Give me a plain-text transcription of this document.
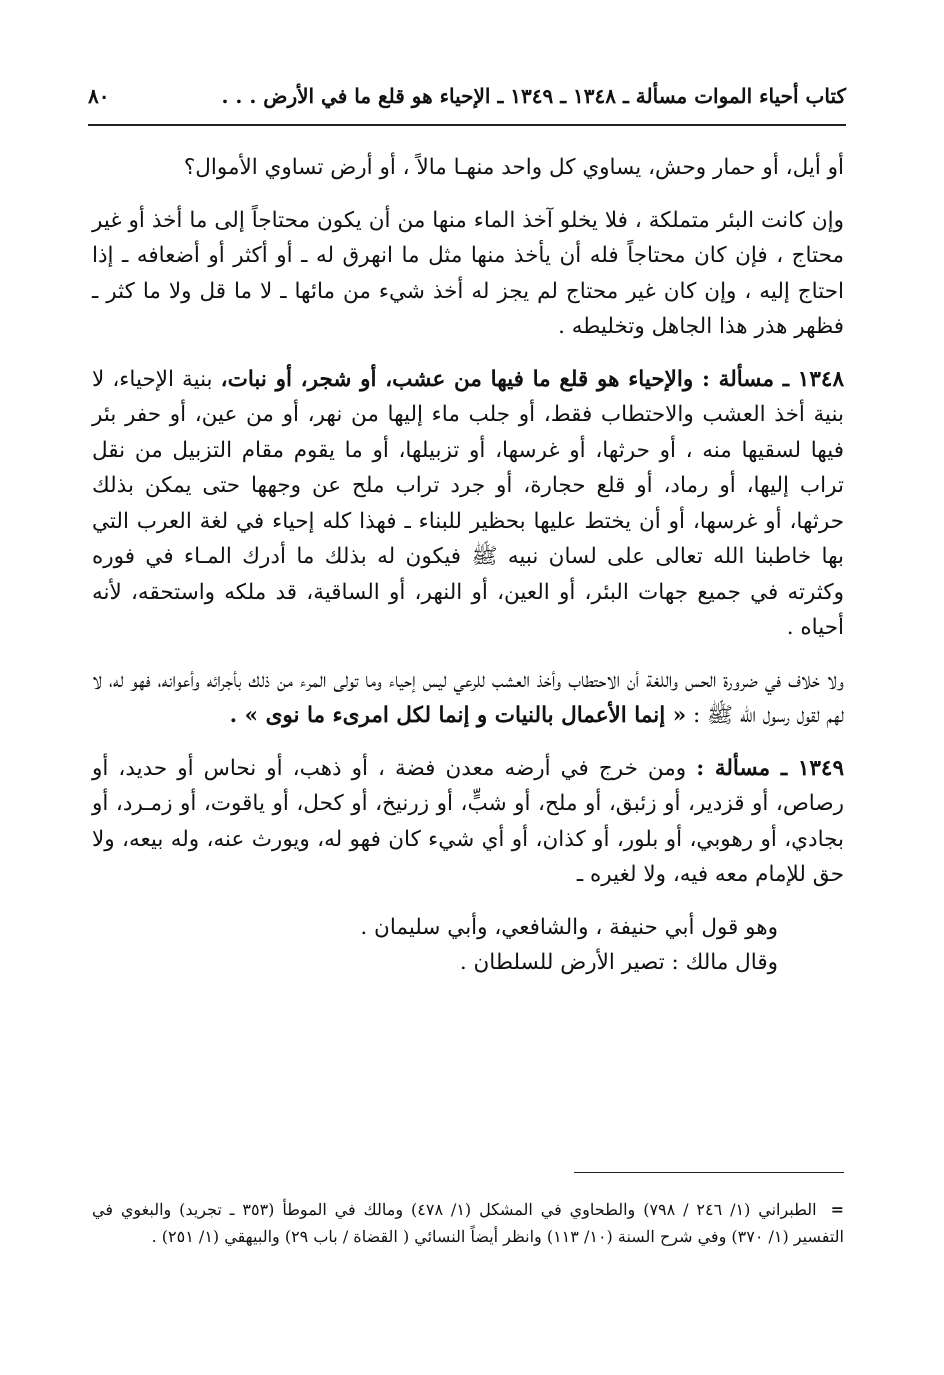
كتاب أحياء الموات مسألة ـ ١٣٤٨ ـ ١٣٤٩ ـ الإحياء هو قلع ما في الأرض . . .
٨٠

أو أيل، أو حمار وحش، يساوي كل واحد منهـا مالاً ، أو أرض تساوي الأموال؟

وإن كانت البئر متملكة ، فلا يخلو آخذ الماء منها من أن يكون محتاجاً إلى ما أخذ أو غير محتاج ، فإن كان محتاجاً فله أن يأخذ منها مثل ما انهرق له ـ أو أكثر أو أضعافه ـ إذا احتاج إليه ، وإن كان غير محتاج لم يجز له أخذ شيء من مائها ـ لا ما قل ولا ما كثر ـ فظهر هذر هذا الجاهل وتخليطه .

١٣٤٨ ـ مسألة : والإحياء هو قلع ما فيها من عشب، أو شجر، أو نبات، بنية الإحياء، لا بنية أخذ العشب والاحتطاب فقط، أو جلب ماء إليها من نهر، أو من عين، أو حفر بئر فيها لسقيها منه ، أو حرثها، أو غرسها، أو تزبيلها، أو ما يقوم مقام التزبيل من نقل تراب إليها، أو رماد، أو قلع حجارة، أو جرد تراب ملح عن وجهها حتى يمكن بذلك حرثها، أو غرسها، أو أن يختط عليها بحظير للبناء ـ فهذا كله إحياء في لغة العرب التي بها خاطبنا الله تعالى على لسان نبيه ﷺ فيكون له بذلك ما أدرك المـاء في فوره وكثرته في جميع جهات البئر، أو العين، أو النهر، أو الساقية، قد ملكه واستحقه، لأنه أحياه .

ولا خلاف في ضرورة الحس واللغة أن الاحتطاب وأخذ العشب للرعي ليس إحياء وما تولى المرء من ذلك بأجرائه وأعوانه، فهو له، لا لهم لقول رسول الله ﷺ : « إنما الأعمال بالنيات و إنما لكل امرىء ما نوى » .

١٣٤٩ ـ مسألة : ومن خرج في أرضه معدن فضة ، أو ذهب، أو نحاس أو حديد، أو رصاص، أو قزدير، أو زئبق، أو ملح، أو شبٍّ، أو زرنيخ، أو كحل، أو ياقوت، أو زمـرد، أو بجادي، أو رهوبي، أو بلور، أو كذان، أو أي شيء كان فهو له، ويورث عنه، وله بيعه، ولا حق للإمام معه فيه، ولا لغيره ـ

وهو قول أبي حنيفة ، والشافعي، وأبي سليمان .

وقال مالك : تصير الأرض للسلطان .

=الطبراني (١/ ٢٤٦ / ٧٩٨) والطحاوي في المشكل (١/ ٤٧٨) ومالك في الموطأ (٣٥٣ ـ تجريد) والبغوي في التفسير (١/ ٣٧٠) وفي شرح السنة (١٠/ ١١٣) وانظر أيضاً النسائي ( القضاة / باب ٢٩) والبيهقي (١/ ٢٥١) .
